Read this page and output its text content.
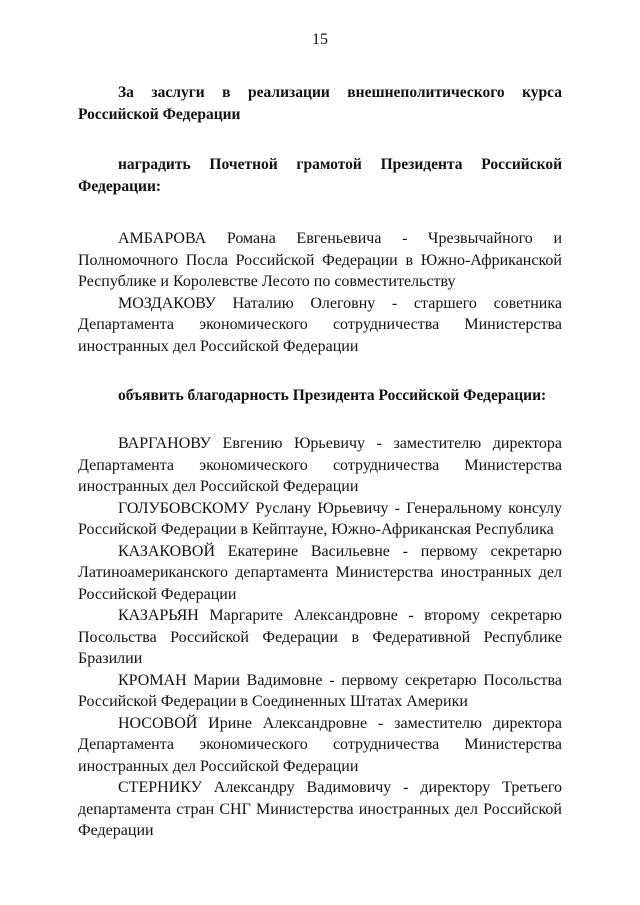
15

За заслуги в реализации внешнеполитического курса Российской Федерации

наградить Почетной грамотой Президента Российской Федерации:

АМБАРОВА Романа Евгеньевича - Чрезвычайного и Полномочного Посла Российской Федерации в Южно-Африканской Республике и Королевстве Лесото по совместительству

МОЗДАКОВУ Наталию Олеговну - старшего советника Департамента экономического сотрудничества Министерства иностранных дел Российской Федерации

объявить благодарность Президента Российской Федерации:

ВАРГАНОВУ Евгению Юрьевичу - заместителю директора Департамента экономического сотрудничества Министерства иностранных дел Российской Федерации

ГОЛУБОВСКОМУ Руслану Юрьевичу - Генеральному консулу Российской Федерации в Кейптауне, Южно-Африканская Республика

КАЗАКОВОЙ Екатерине Васильевне - первому секретарю Латиноамериканского департамента Министерства иностранных дел Российской Федерации

КАЗАРЬЯН Маргарите Александровне - второму секретарю Посольства Российской Федерации в Федеративной Республике Бразилии

КРОМАН Марии Вадимовне - первому секретарю Посольства Российской Федерации в Соединенных Штатах Америки

НОСОВОЙ Ирине Александровне - заместителю директора Департамента экономического сотрудничества Министерства иностранных дел Российской Федерации

СТЕРНИКУ Александру Вадимовичу - директору Третьего департамента стран СНГ Министерства иностранных дел Российской Федерации
